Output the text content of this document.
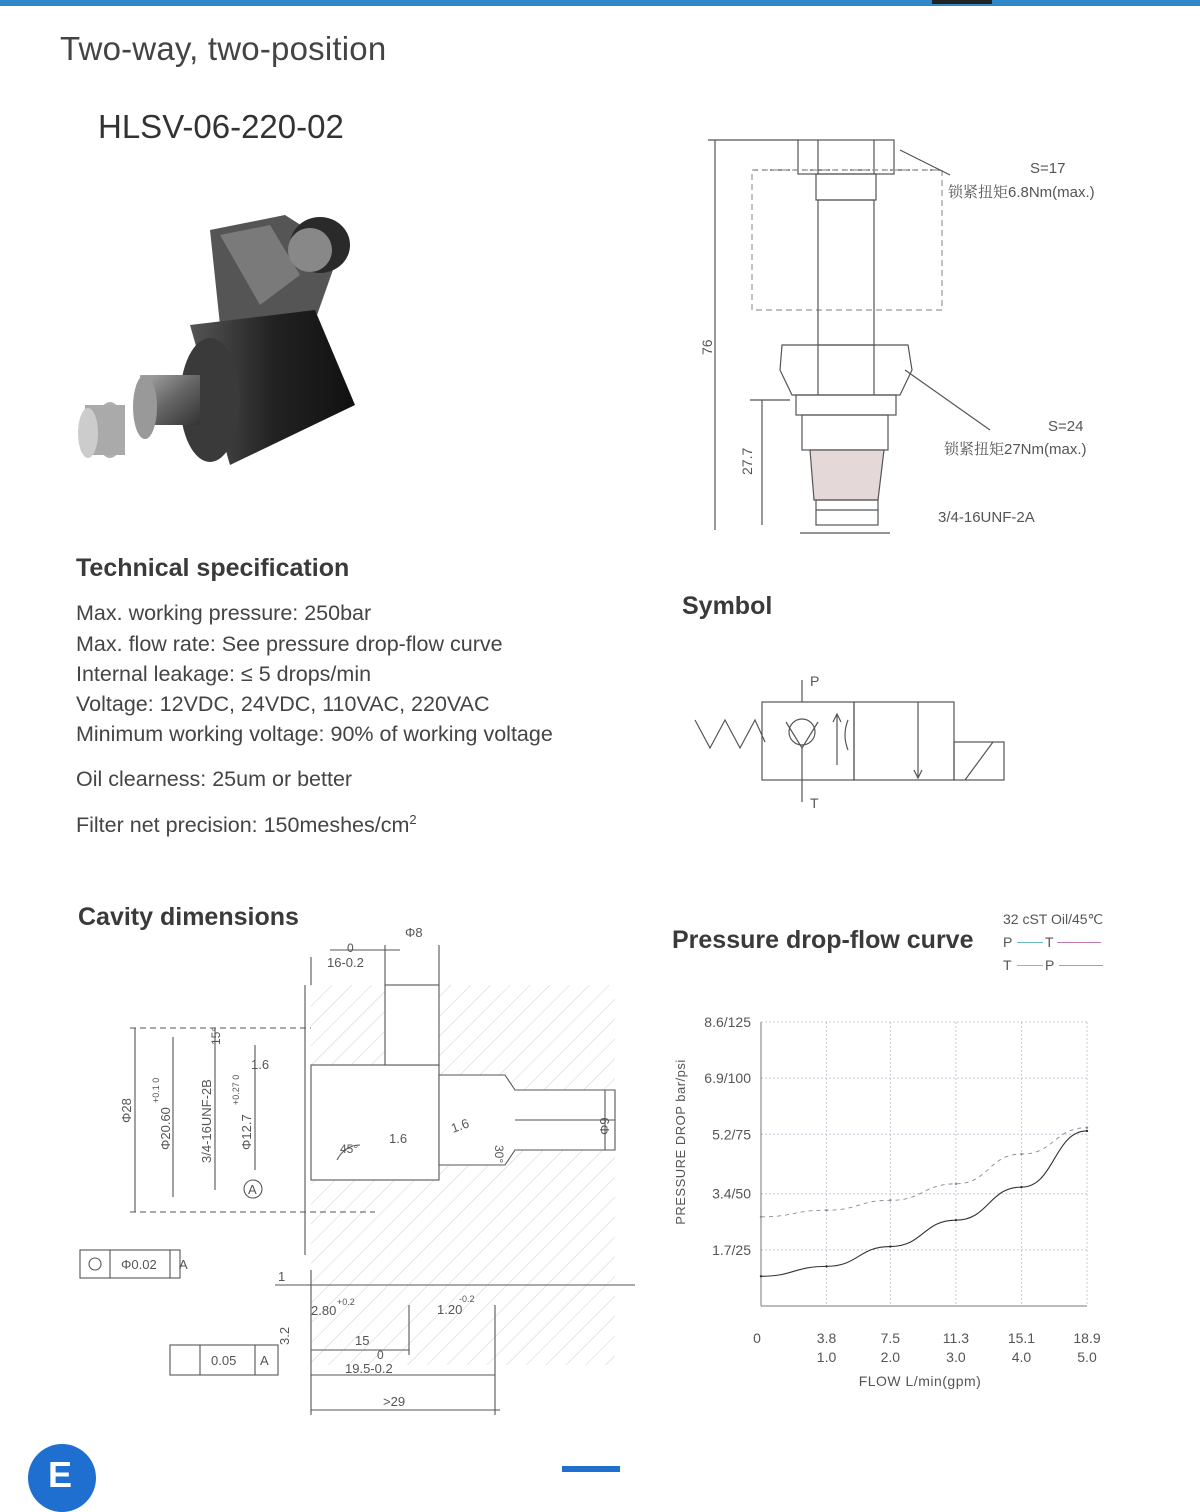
Two-way, two-position
HLSV-06-220-02
76
27.7
S=17
锁紧扭矩6.8Nm(max.)
S=24
锁紧扭矩27Nm(max.)
3/4-16UNF-2A
Technical specification
Max. working pressure: 250bar
Max. flow rate: See pressure drop-flow curve
Internal leakage: ≤ 5 drops/min
Voltage: 12VDC, 24VDC, 110VAC, 220VAC
Minimum working voltage: 90% of working voltage
Oil clearness: 25um or better
Filter net precision: $150meshes/cm^2$
Symbol
P
T
Cavity dimensions
Φ8
0
16-0.2
15°
1.6
1.6
1.6
45°	30°
Φ28 Φ20.60
+0.1 0	3/4-16UNF-2B Φ12.7
+0.27 0
Φ9
A
Φ0.02 A
1
2.80
+0.2	1.20
-0.2
3.2
0.05 A
15
0
19.5-0.2
>29
Pressure drop-flow curve
32 cST Oil/45℃
P T
T P
1.7/25
3.4/50
5.2/75
6.9/100
8.6/125
0	3.8
1.0
7.5
2.0
11.3
3.0
15.1
4.0
18.9
5.0
FLOW L/min(gpm)
PRESSURE DROP bar/psi
E
